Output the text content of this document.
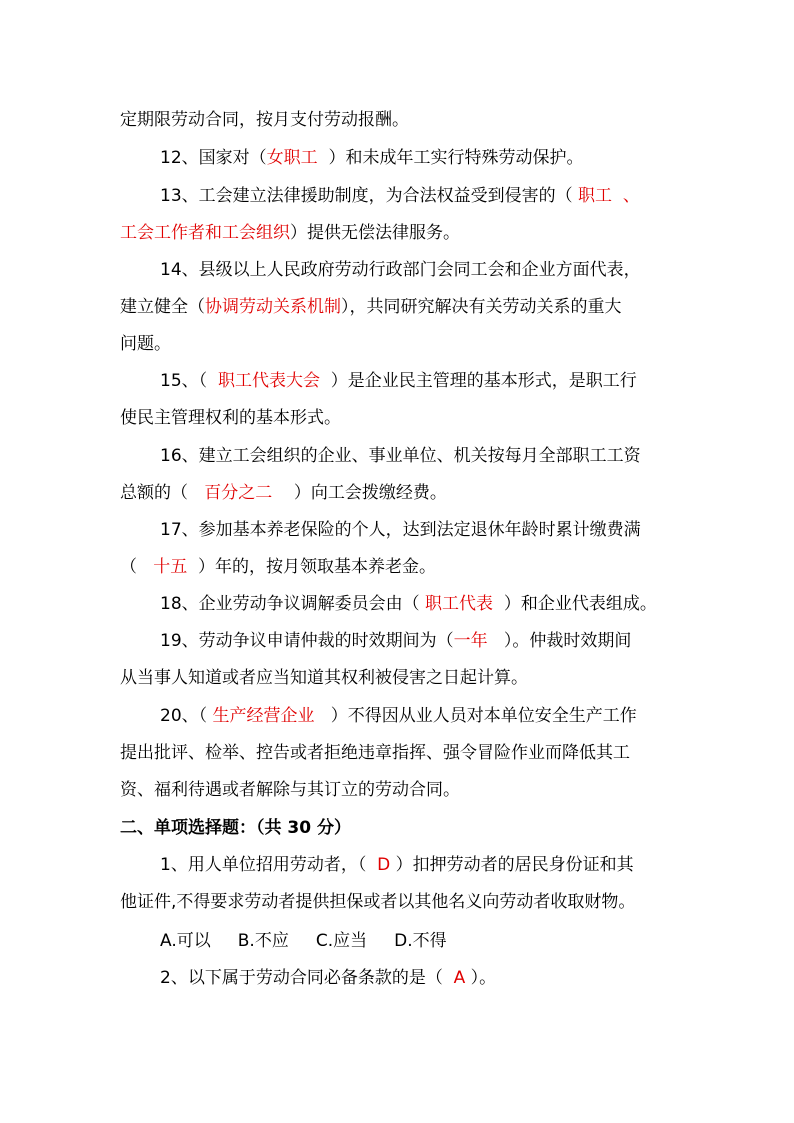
定期限劳动合同，按月支付劳动报酬。
12、国家对（女职工  ）和未成年工实行特殊劳动保护。
13、工会建立法律援助制度，为合法权益受到侵害的（ 职工  、
工会工作者和工会组织）提供无偿法律服务。
14、县级以上人民政府劳动行政部门会同工会和企业方面代表，
建立健全（协调劳动关系机制），共同研究解决有关劳动关系的重大
问题。
15、（  职工代表大会  ）是企业民主管理的基本形式，是职工行
使民主管理权利的基本形式。
16、建立工会组织的企业、事业单位、机关按每月全部职工工资
总额的（   百分之二    ）向工会拨缴经费。
17、参加基本养老保险的个人，达到法定退休年龄时累计缴费满
（   十五  ）年的，按月领取基本养老金。
18、企业劳动争议调解委员会由（ 职工代表  ）和企业代表组成。
19、劳动争议申请仲裁的时效期间为（一年   ）。仲裁时效期间
从当事人知道或者应当知道其权利被侵害之日起计算。
20、（ 生产经营企业   ）不得因从业人员对本单位安全生产工作
提出批评、检举、控告或者拒绝违章指挥、强令冒险作业而降低其工
资、福利待遇或者解除与其订立的劳动合同。
二、单项选择题：（共 30 分）
1、用人单位招用劳动者，（  D ）扣押劳动者的居民身份证和其
他证件,不得要求劳动者提供担保或者以其他名义向劳动者收取财物。
A.可以     B.不应     C.应当     D.不得
2、以下属于劳动合同必备条款的是（  A ）。
